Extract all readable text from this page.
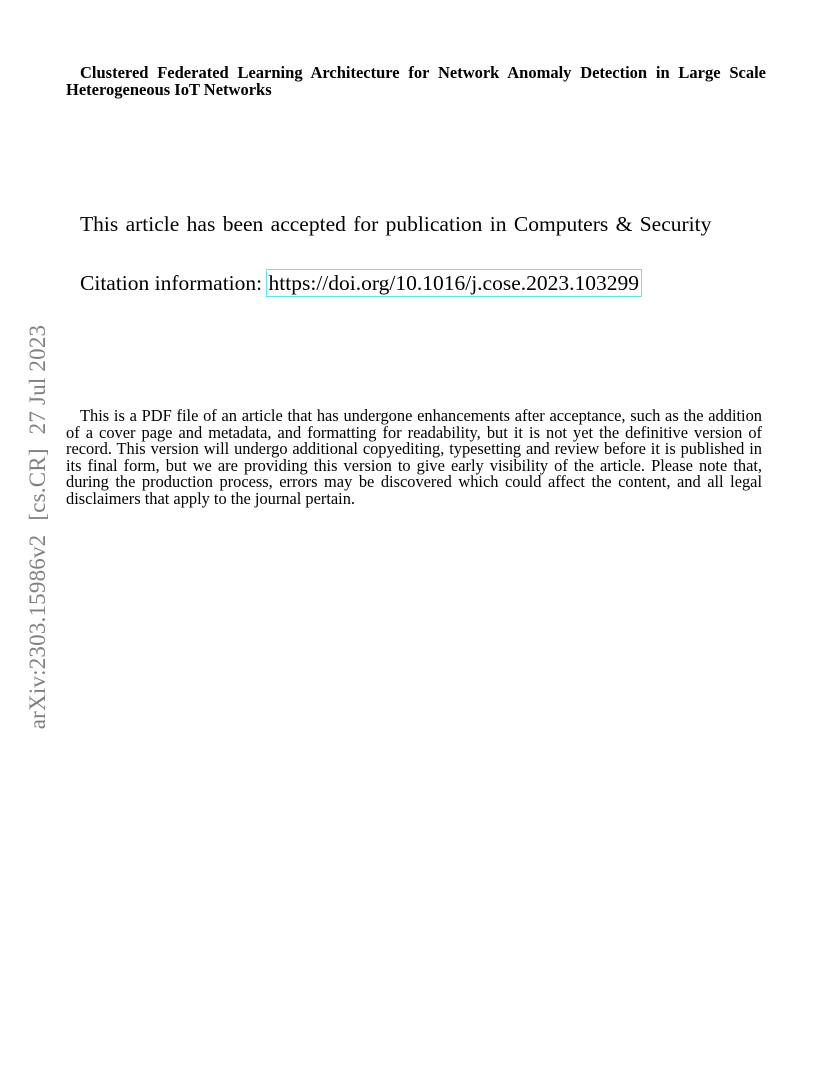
Clustered Federated Learning Architecture for Network Anomaly Detection in Large Scale Heterogeneous IoT Networks
This article has been accepted for publication in Computers & Security
Citation information: https://doi.org/10.1016/j.cose.2023.103299
This is a PDF file of an article that has undergone enhancements after acceptance, such as the addition of a cover page and metadata, and formatting for readability, but it is not yet the definitive version of record. This version will undergo additional copyediting, typesetting and review before it is published in its final form, but we are providing this version to give early visibility of the article. Please note that, during the production process, errors may be discovered which could affect the content, and all legal disclaimers that apply to the journal pertain.
arXiv:2303.15986v2[cs.CR]27 Jul 2023
